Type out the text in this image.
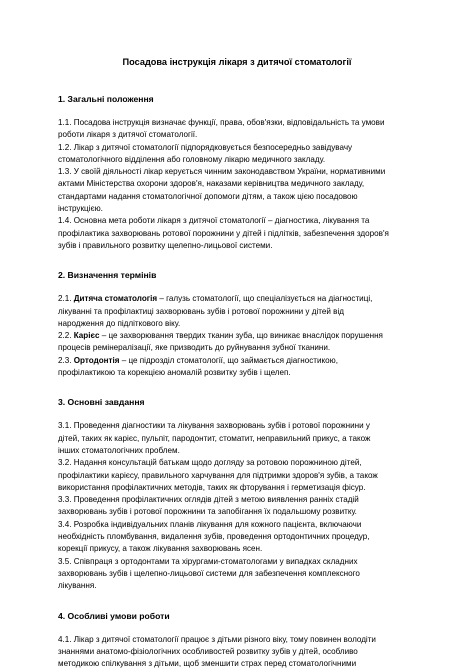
Посадова інструкція лікаря з дитячої стоматології
1. Загальні положення

1.1. Посадова інструкція визначає функції, права, обов'язки, відповідальність та умови
роботи лікаря з дитячої стоматології.

1.2. Лікар з дитячої стоматології підпорядковується безпосередньо завідувачу
стоматологічного відділення або головному лікарю медичного закладу.

1.3. У своїй діяльності лікар керується чинним законодавством України, нормативними
актами Міністерства охорони здоров'я, наказами керівництва медичного закладу,
стандартами надання стоматологічної допомоги дітям, а також цією посадовою
інструкцією.

1.4. Основна мета роботи лікаря з дитячої стоматології – діагностика, лікування та
профілактика захворювань ротової порожнини у дітей і підлітків, забезпечення здоров'я
зубів і правильного розвитку щелепно-лицьової системи.

2. Визначення термінів

2.1. Дитяча стоматологія – галузь стоматології, що спеціалізується на діагностиці,
лікуванні та профілактиці захворювань зубів і ротової порожнини у дітей від
народження до підліткового віку.

2.2. Карієс – це захворювання твердих тканин зуба, що виникає внаслідок порушення
процесів ремінералізації, яке призводить до руйнування зубної тканини.

2.3. Ортодонтія – це підрозділ стоматології, що займається діагностикою,
профілактикою та корекцією аномалій розвитку зубів і щелеп.

3. Основні завдання

3.1. Проведення діагностики та лікування захворювань зубів і ротової порожнини у
дітей, таких як карієс, пульпіт, пародонтит, стоматит, неправильний прикус, а також
інших стоматологічних проблем.

3.2. Надання консультацій батькам щодо догляду за ротовою порожниною дітей,
профілактики карієсу, правильного харчування для підтримки здоров'я зубів, а також
використання профілактичних методів, таких як фторування і герметизація фісур.

3.3. Проведення профілактичних оглядів дітей з метою виявлення ранніх стадій
захворювань зубів і ротової порожнини та запобігання їх подальшому розвитку.

3.4. Розробка індивідуальних планів лікування для кожного пацієнта, включаючи
необхідність пломбування, видалення зубів, проведення ортодонтичних процедур,
корекції прикусу, а також лікування захворювань ясен.

3.5. Співпраця з ортодонтами та хірургами-стоматологами у випадках складних
захворювань зубів і щелепно-лицьової системи для забезпечення комплексного
лікування.

4. Особливі умови роботи

4.1. Лікар з дитячої стоматології працює з дітьми різного віку, тому повинен володіти
знаннями анатомо-фізіологічних особливостей розвитку зубів у дітей, особливо
методикою спілкування з дітьми, щоб зменшити страх перед стоматологічними
